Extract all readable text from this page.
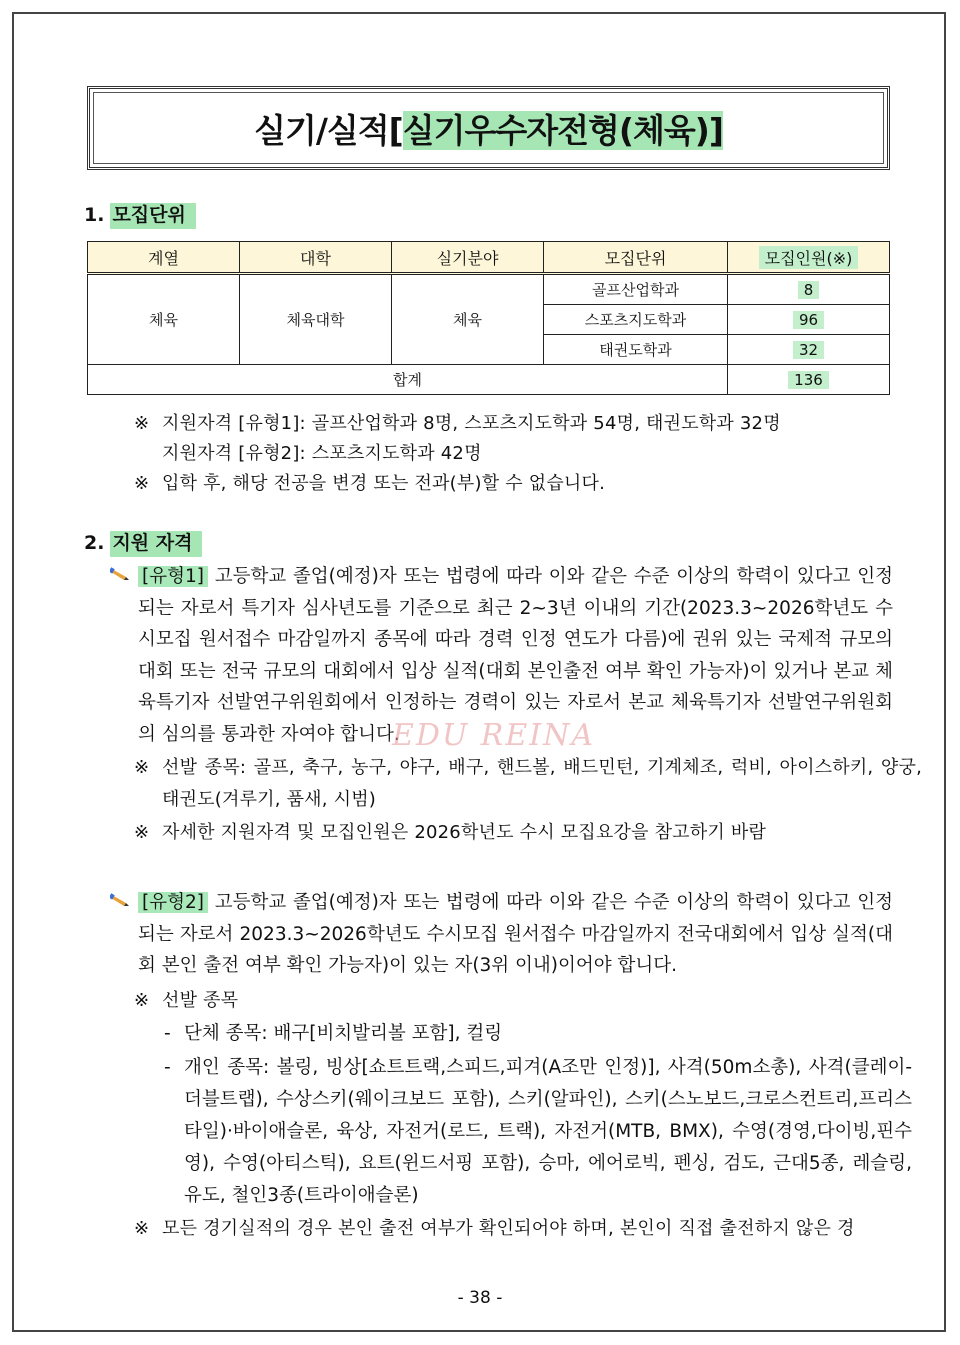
실기/실적[실기우수자전형(체육)]
1. 모집단위
계열	대학	실기분야	모집단위	모집인원(※)
체육	체육대학	체육	골프산업학과	8
			스포츠지도학과	96
			태권도학과	32
합계				136
※ 지원자격 [유형1]: 골프산업학과 8명, 스포츠지도학과 54명, 태권도학과 32명
지원자격 [유형2]: 스포츠지도학과 42명
※ 입학 후, 해당 전공을 변경 또는 전과(부)할 수 없습니다.
2. 지원 자격
[유형1] 고등학교 졸업(예정)자 또는 법령에 따라 이와 같은 수준 이상의 학력이 있다고 인정되는 자로서 특기자 심사년도를 기준으로 최근 2~3년 이내의 기간(2023.3~2026학년도 수시모집 원서접수 마감일까지 종목에 따라 경력 인정 연도가 다름)에 권위 있는 국제적 규모의 대회 또는 전국 규모의 대회에서 입상 실적(대회 본인출전 여부 확인 가능자)이 있거나 본교 체육특기자 선발연구위원회에서 인정하는 경력이 있는 자로서 본교 체육특기자 선발연구위원회의 심의를 통과한 자여야 합니다.
EDU REINA
※ 선발 종목: 골프, 축구, 농구, 야구, 배구, 핸드볼, 배드민턴, 기계체조, 럭비, 아이스하키, 양궁, 태권도(겨루기, 품새, 시범)
※ 자세한 지원자격 및 모집인원은 2026학년도 수시 모집요강을 참고하기 바람
[유형2] 고등학교 졸업(예정)자 또는 법령에 따라 이와 같은 수준 이상의 학력이 있다고 인정되는 자로서 2023.3~2026학년도 수시모집 원서접수 마감일까지 전국대회에서 입상 실적(대회 본인 출전 여부 확인 가능자)이 있는 자(3위 이내)이어야 합니다.
※ 선발 종목
- 단체 종목: 배구[비치발리볼 포함], 컬링
- 개인 종목: 볼링, 빙상[쇼트트랙,스피드,피겨(A조만 인정)], 사격(50m소총), 사격(클레이-더블트랩), 수상스키(웨이크보드 포함), 스키(알파인), 스키(스노보드,크로스컨트리,프리스타일)·바이애슬론, 육상, 자전거(로드, 트랙), 자전거(MTB, BMX), 수영(경영,다이빙,핀수영), 수영(아티스틱), 요트(윈드서핑 포함), 승마, 에어로빅, 펜싱, 검도, 근대5종, 레슬링, 유도, 철인3종(트라이애슬론)
※ 모든 경기실적의 경우 본인 출전 여부가 확인되어야 하며, 본인이 직접 출전하지 않은 경
- 38 -
